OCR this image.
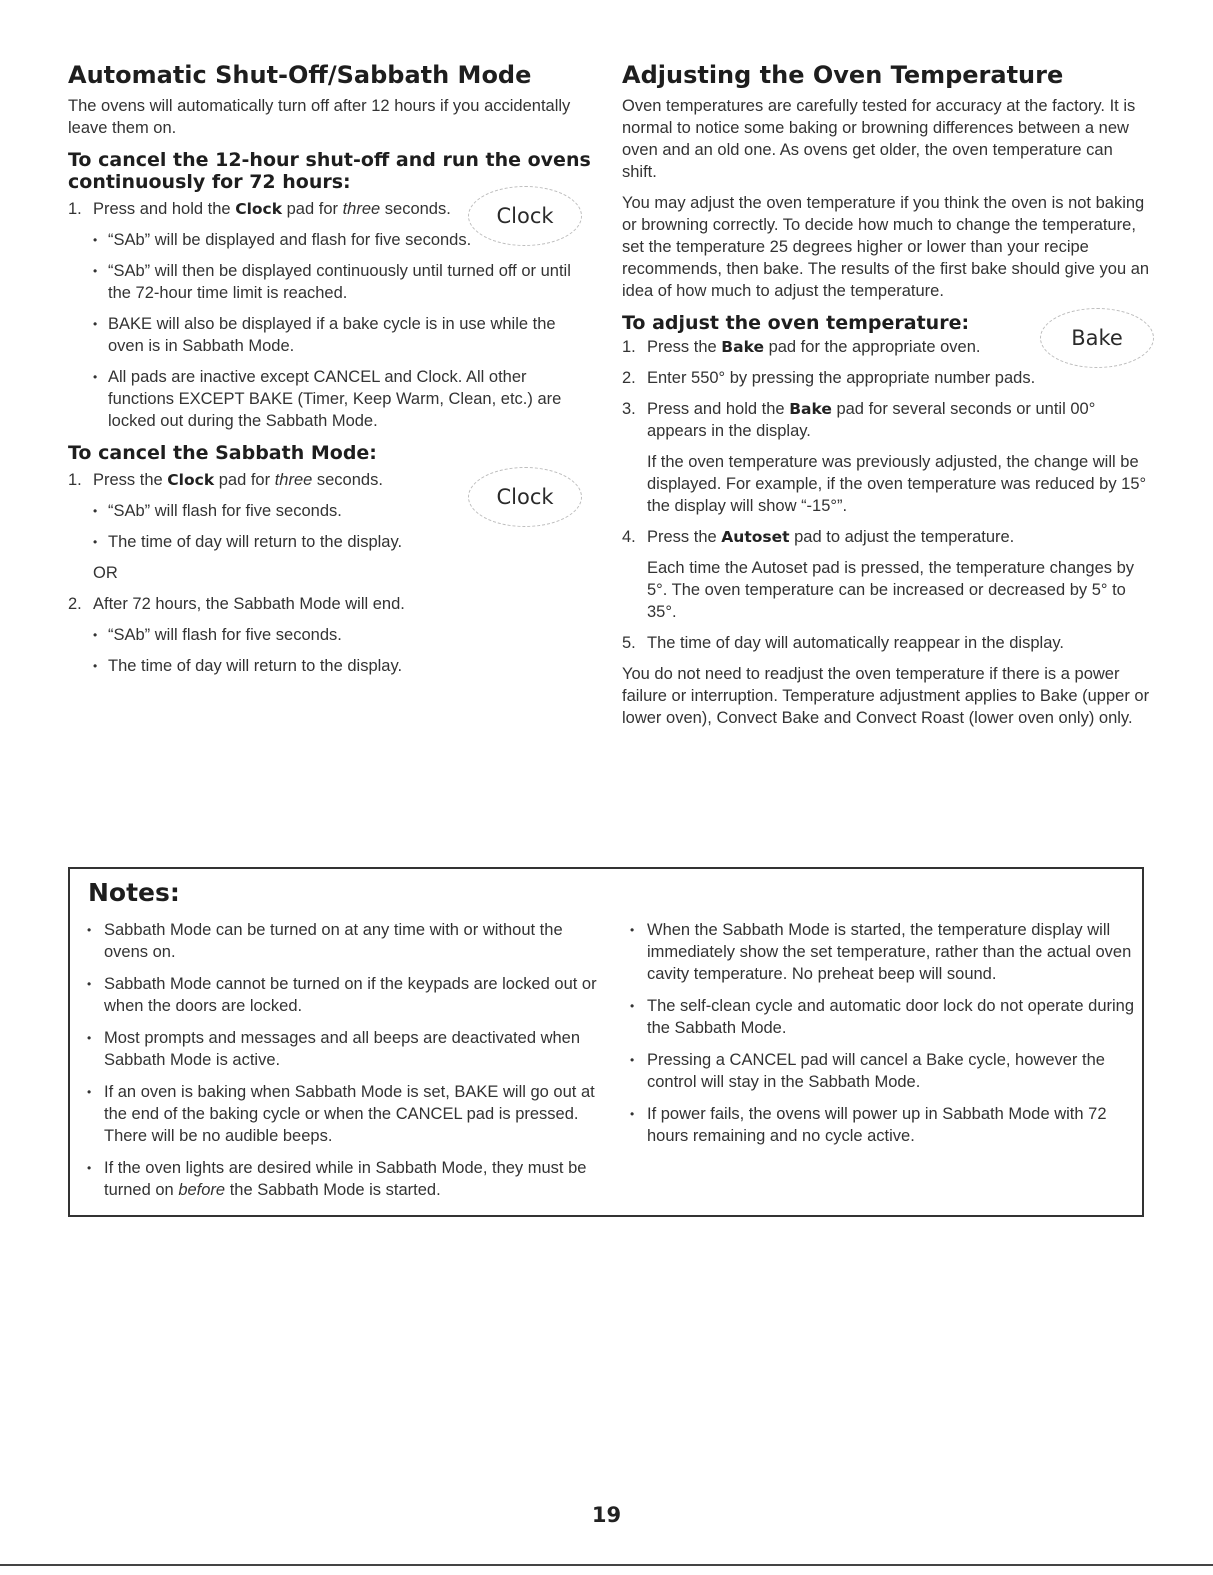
Automatic Shut-Off/Sabbath Mode

The ovens will automatically turn off after 12 hours if you accidentally leave them on.

To cancel the 12-hour shut-off and run the ovens continuously for 72 hours:
Clock
1. Press and hold the Clock pad for three seconds.
• “SAb” will be displayed and flash for five seconds.
• “SAb” will then be displayed continuously until turned off or until the 72-hour time limit is reached.
• BAKE will also be displayed if a bake cycle is in use while the oven is in Sabbath Mode.
• All pads are inactive except CANCEL and Clock. All other functions EXCEPT BAKE (Timer, Keep Warm, Clean, etc.) are locked out during the Sabbath Mode.
To cancel the Sabbath Mode:
Clock
1. Press the Clock pad for three seconds.
• “SAb” will flash for five seconds.
• The time of day will return to the display.
OR
2. After 72 hours, the Sabbath Mode will end.
• “SAb” will flash for five seconds.
• The time of day will return to the display.
Adjusting the Oven Temperature

Oven temperatures are carefully tested for accuracy at the factory. It is normal to notice some baking or browning differences between a new oven and an old one. As ovens get older, the oven temperature can shift.

You may adjust the oven temperature if you think the oven is not baking or browning correctly. To decide how much to change the temperature, set the temperature 25 degrees higher or lower than your recipe recommends, then bake. The results of the first bake should give you an idea of how much to adjust the temperature.

Bake
To adjust the oven temperature:
1. Press the Bake pad for the appropriate oven.
2. Enter 550° by pressing the appropriate number pads.
3. Press and hold the Bake pad for several seconds or until 00° appears in the display.
If the oven temperature was previously adjusted, the change will be displayed. For example, if the oven temperature was reduced by 15° the display will show “-15°”.
4. Press the Autoset pad to adjust the temperature.
Each time the Autoset pad is pressed, the temperature changes by 5°. The oven temperature can be increased or decreased by 5° to 35°.
5. The time of day will automatically reappear in the display.

You do not need to readjust the oven temperature if there is a power failure or interruption. Temperature adjustment applies to Bake (upper or lower oven), Convect Bake and Convect Roast (lower oven only) only.

Notes:
• Sabbath Mode can be turned on at any time with or without the ovens on.
• Sabbath Mode cannot be turned on if the keypads are locked out or when the doors are locked.
• Most prompts and messages and all beeps are deactivated when Sabbath Mode is active.
• If an oven is baking when Sabbath Mode is set, BAKE will go out at the end of the baking cycle or when the CANCEL pad is pressed. There will be no audible beeps.
• If the oven lights are desired while in Sabbath Mode, they must be turned on before the Sabbath Mode is started.
• When the Sabbath Mode is started, the temperature display will immediately show the set temperature, rather than the actual oven cavity temperature. No preheat beep will sound.
• The self-clean cycle and automatic door lock do not operate during the Sabbath Mode.
• Pressing a CANCEL pad will cancel a Bake cycle, however the control will stay in the Sabbath Mode.
• If power fails, the ovens will power up in Sabbath Mode with 72 hours remaining and no cycle active.
19
